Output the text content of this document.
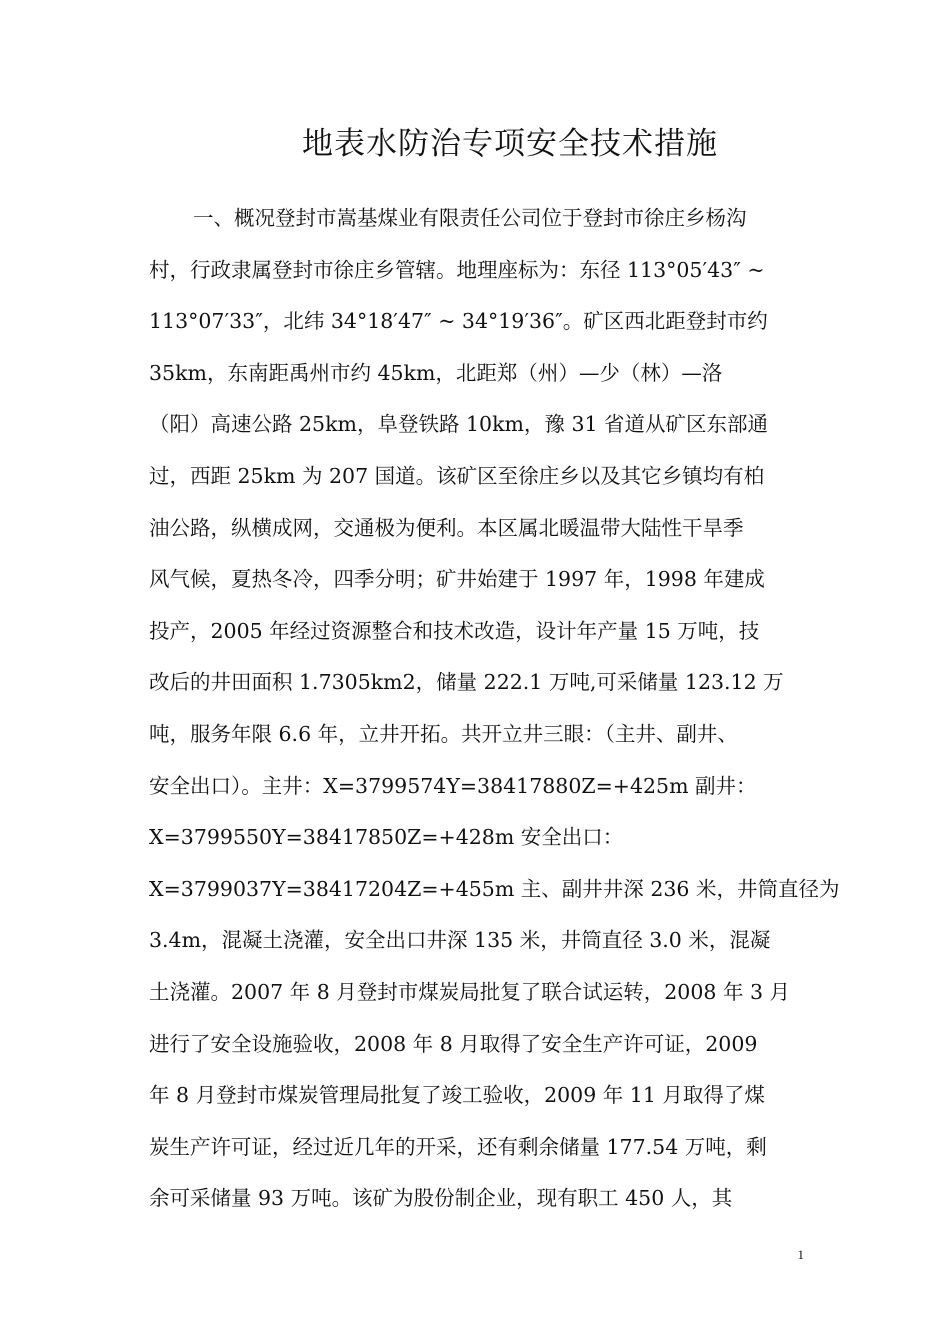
地表水防治专项安全技术措施
一、概况登封市嵩基煤业有限责任公司位于登封市徐庄乡杨沟
村，行政隶属登封市徐庄乡管辖。地理座标为：东径 113°05′43″ ~
113°07′33″，北纬 34°18′47″ ~ 34°19′36″。矿区西北距登封市约
35km，东南距禹州市约 45km，北距郑（州）—少（林）—洛
（阳）高速公路 25km，阜登铁路 10km，豫 31 省道从矿区东部通
过，西距 25km 为 207 国道。该矿区至徐庄乡以及其它乡镇均有柏
油公路，纵横成网，交通极为便利。本区属北暖温带大陆性干旱季
风气候，夏热冬冷，四季分明；矿井始建于 1997 年，1998 年建成
投产，2005 年经过资源整合和技术改造，设计年产量 15 万吨，技
改后的井田面积 1.7305km2，储量 222.1 万吨,可采储量 123.12 万
吨，服务年限 6.6 年，立井开拓。共开立井三眼：（主井、副井、
安全出口）。主井：X=3799574Y=38417880Z=+425m 副井：
X=3799550Y=38417850Z=+428m 安全出口：
X=3799037Y=38417204Z=+455m 主、副井井深 236 米，井筒直径为
3.4m，混凝土浇灌，安全出口井深 135 米，井筒直径 3.0 米，混凝
土浇灌。2007 年 8 月登封市煤炭局批复了联合试运转，2008 年 3 月
进行了安全设施验收，2008 年 8 月取得了安全生产许可证，2009
年 8 月登封市煤炭管理局批复了竣工验收，2009 年 11 月取得了煤
炭生产许可证，经过近几年的开采，还有剩余储量 177.54 万吨，剩
余可采储量 93 万吨。该矿为股份制企业，现有职工 450 人，其
1
